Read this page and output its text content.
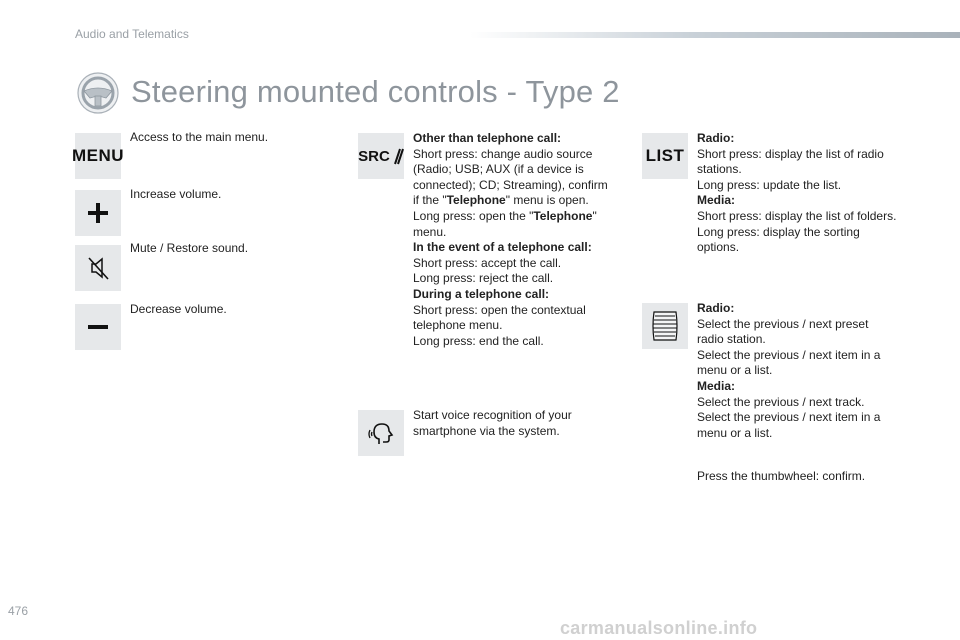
Audio and Telematics
Steering mounted controls - Type 2
MENU
Access to the main menu.
Increase volume.
Mute / Restore sound.
Decrease volume.
SRC
Other than telephone call:
Short press: change audio source
(Radio; USB; AUX (if a device is
connected); CD; Streaming), confirm
if the "Telephone" menu is open.
Long press: open the "Telephone"
menu.
In the event of a telephone call:
Short press: accept the call.
Long press: reject the call.
During a telephone call:
Short press: open the contextual
telephone menu.
Long press: end the call.
Start voice recognition of your
smartphone via the system.
LIST
Radio:
Short press: display the list of radio
stations.
Long press: update the list.
Media:
Short press: display the list of folders.
Long press: display the sorting
options.
Radio:
Select the previous / next preset
radio station.
Select the previous / next item in a
menu or a list.
Media:
Select the previous / next track.
Select the previous / next item in a
menu or a list.
Press the thumbwheel: confirm.
476
carmanualsonline.info
